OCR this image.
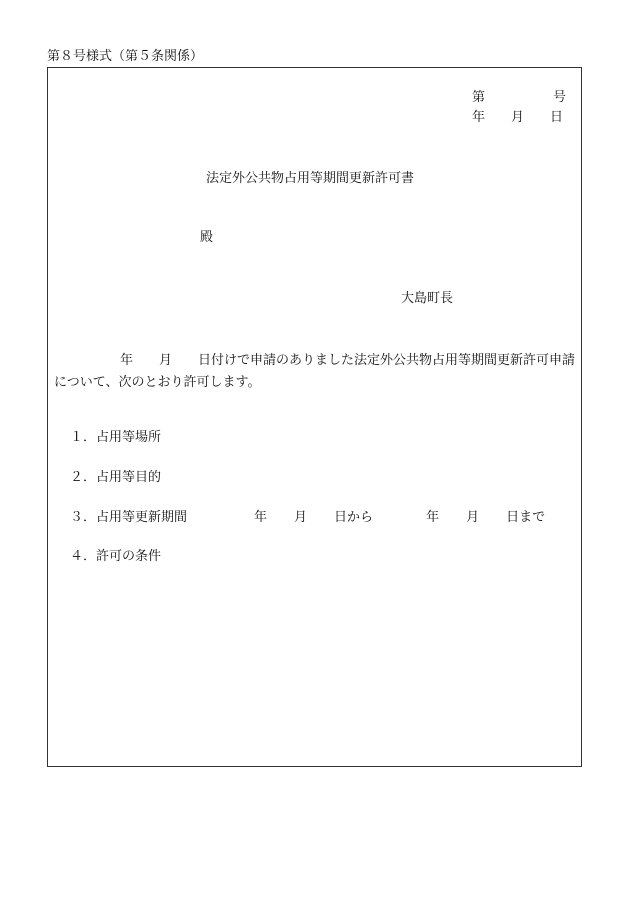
第８号様式（第５条関係）
第	号
年 月 日
法定外公共物占用等期間更新許可書
殿
大島町長

年 月 日付けで申請のありました法定外公共物占用等期間更新許可申請について、次のとおり許可します。

１．占用等場所
２．占用等目的
３．占用等更新期間	年 月 日から	年 月 日まで
４．許可の条件
